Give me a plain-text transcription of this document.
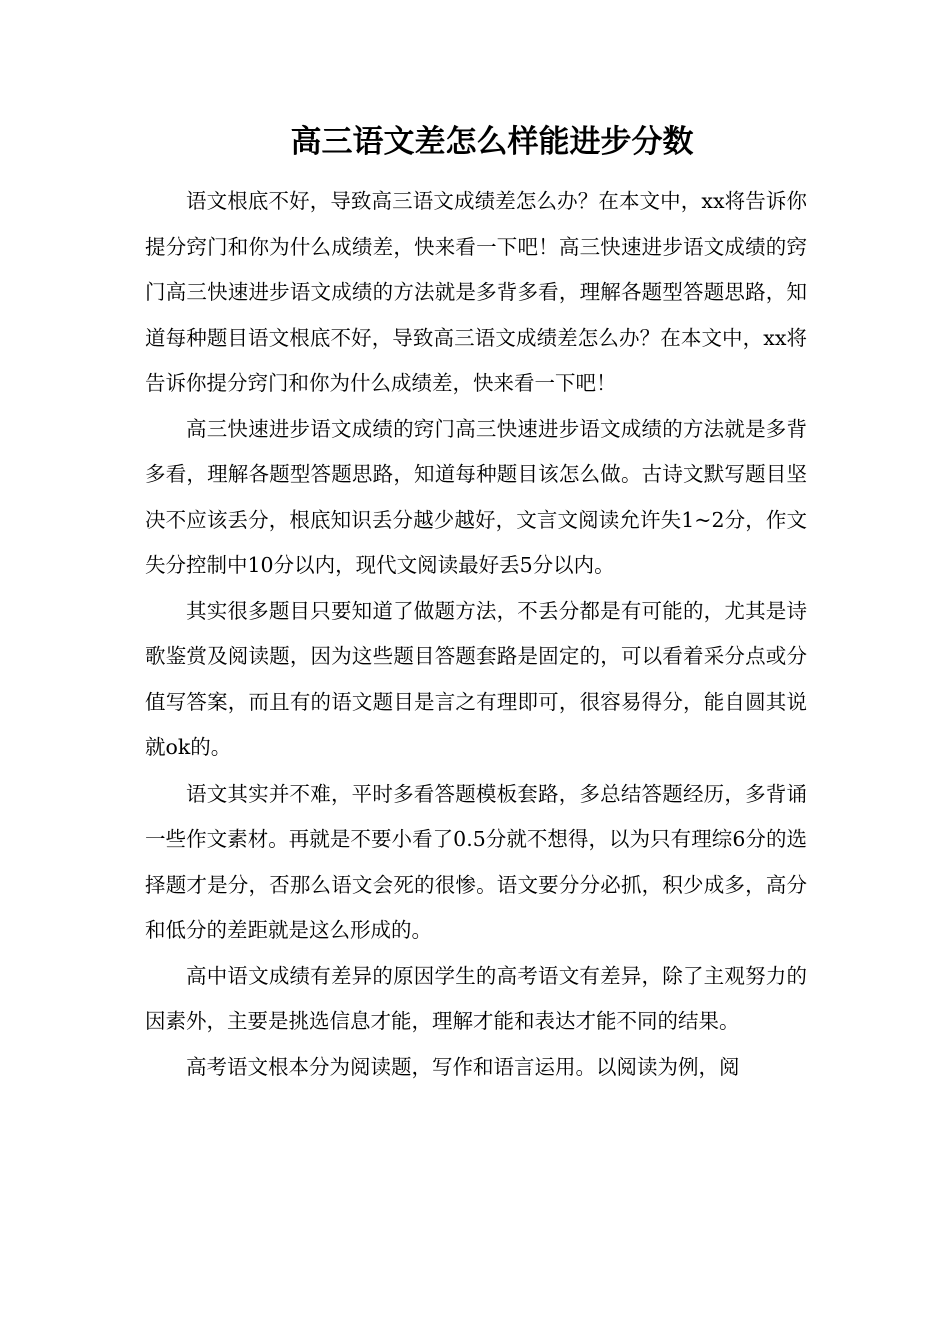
高三语文差怎么样能进步分数

语文根底不好，导致高三语文成绩差怎么办？在本文中，xx将告诉你提分窍门和你为什么成绩差，快来看一下吧！高三快速进步语文成绩的窍门高三快速进步语文成绩的方法就是多背多看，理解各题型答题思路，知道每种题目语文根底不好，导致高三语文成绩差怎么办？在本文中，xx将告诉你提分窍门和你为什么成绩差，快来看一下吧！

高三快速进步语文成绩的窍门高三快速进步语文成绩的方法就是多背多看，理解各题型答题思路，知道每种题目该怎么做。古诗文默写题目坚决不应该丢分，根底知识丢分越少越好，文言文阅读允许失1~2分，作文失分控制中10分以内，现代文阅读最好丢5分以内。

其实很多题目只要知道了做题方法，不丢分都是有可能的，尤其是诗歌鉴赏及阅读题，因为这些题目答题套路是固定的，可以看着采分点或分值写答案，而且有的语文题目是言之有理即可，很容易得分，能自圆其说就ok的。

语文其实并不难，平时多看答题模板套路，多总结答题经历，多背诵一些作文素材。再就是不要小看了0.5分就不想得，以为只有理综6分的选择题才是分，否那么语文会死的很惨。语文要分分必抓，积少成多，高分和低分的差距就是这么形成的。

高中语文成绩有差异的原因学生的高考语文有差异，除了主观努力的因素外，主要是挑选信息才能，理解才能和表达才能不同的结果。

高考语文根本分为阅读题，写作和语言运用。以阅读为例，阅
